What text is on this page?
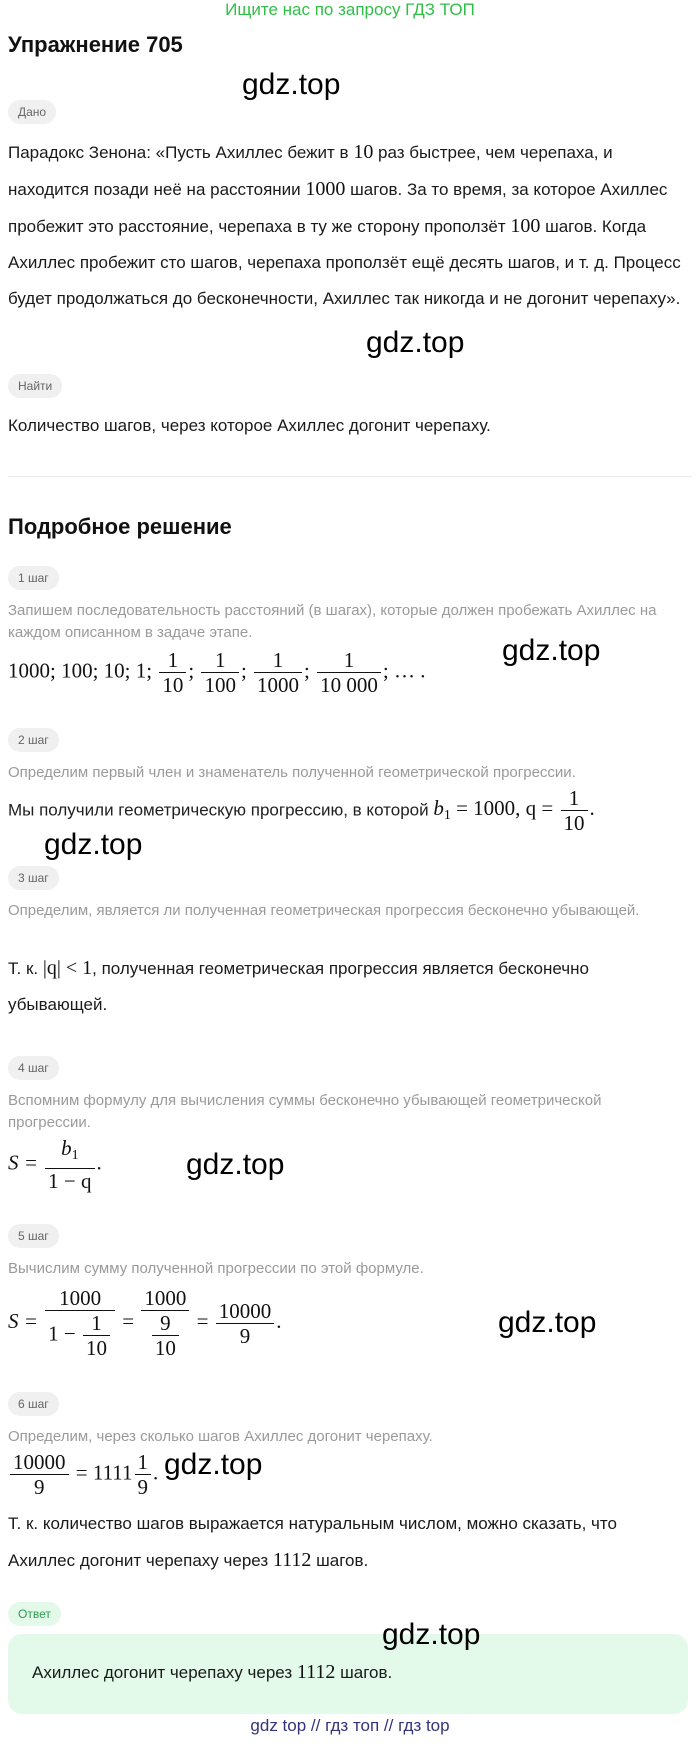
Ищите нас по запросу ГДЗ ТОП
Упражнение 705
gdz.top
Дано
Парадокс Зенона: «Пусть Ахиллес бежит в 10 раз быстрее, чем черепаха, и находится позади неё на расстоянии 1000 шагов. За то время, за которое Ахиллес пробежит это расстояние, черепаха в ту же сторону проползёт 100 шагов. Когда Ахиллес пробежит сто шагов, черепаха проползёт ещё десять шагов, и т. д. Процесс будет продолжаться до бесконечности, Ахиллес так никогда и не догонит черепаху».
gdz.top
Найти
Количество шагов, через которое Ахиллес догонит черепаху.
Подробное решение
1 шаг
Запишем последовательность расстояний (в шагах), которые должен пробежать Ахиллес на каждом описанном в задаче этапе.
gdz.top
1000; 100; 10; 1; $\frac{1}{10}$ ; $\frac{1}{100}$ ; $\frac{1}{1000}$ ; $\frac{1}{10 000}$ ; … .
2 шаг
Определим первый член и знаменатель полученной геометрической прогрессии.
Мы получили геометрическую прогрессию, в которой $b_1 = 1000$, $q = \frac{1}{10}$ .
gdz.top
3 шаг
Определим, является ли полученная геометрическая прогрессия бесконечно убывающей.
Т. к. |q| < 1, полученная геометрическая прогрессия является бесконечно убывающей.
4 шаг
Вспомним формулу для вычисления суммы бесконечно убывающей геометрической прогрессии.
$S = \frac{b_1}{1 - q}$ .	gdz.top
5 шаг
Вычислим сумму полученной прогрессии по этой формуле.
$S = \frac{1000}{1 - \frac{1}{10}} = \frac{1000}{\frac{9}{10}} = \frac{10000}{9}$ .	gdz.top
6 шаг
Определим, через сколько шагов Ахиллес догонит черепаху.
$\frac{10000}{9} = 1111 \frac{1}{9}$ . gdz.top
Т. к. количество шагов выражается натуральным числом, можно сказать, что Ахиллес догонит черепаху через 1112 шагов.
Ответ
gdz.top
Ахиллес догонит черепаху через 1112 шагов.
gdz top // гдз топ // гдз top
